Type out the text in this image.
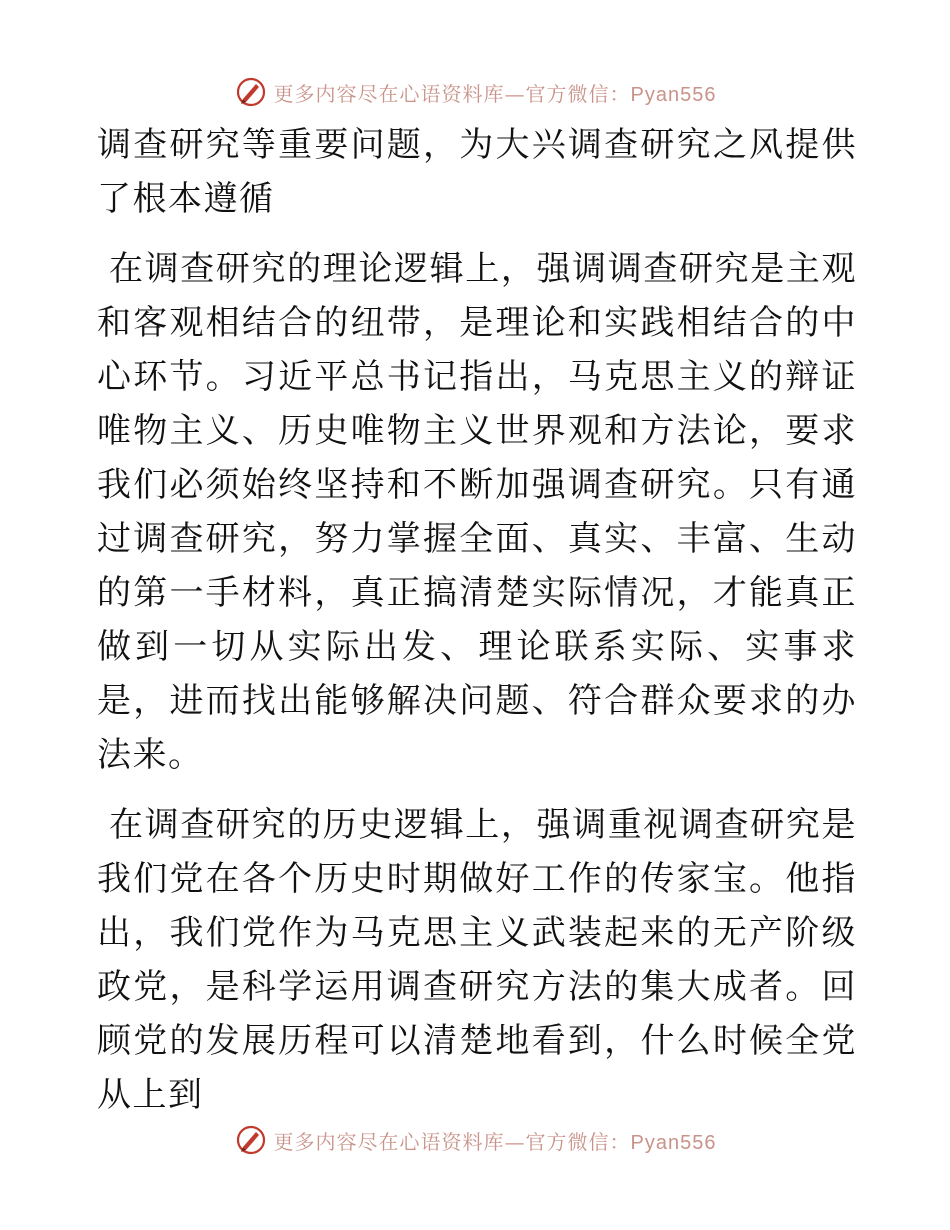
更多内容尽在心语资料库—官方微信：Pyan556

调查研究等重要问题，为大兴调查研究之风提供了根本遵循

在调查研究的理论逻辑上，强调调查研究是主观和客观相结合的纽带，是理论和实践相结合的中心环节。习近平总书记指出，马克思主义的辩证唯物主义、历史唯物主义世界观和方法论，要求我们必须始终坚持和不断加强调查研究。只有通过调查研究，努力掌握全面、真实、丰富、生动的第一手材料，真正搞清楚实际情况，才能真正做到一切从实际出发、理论联系实际、实事求是，进而找出能够解决问题、符合群众要求的办法来。

在调查研究的历史逻辑上，强调重视调查研究是我们党在各个历史时期做好工作的传家宝。他指出，我们党作为马克思主义武装起来的无产阶级政党，是科学运用调查研究方法的集大成者。回顾党的发展历程可以清楚地看到，什么时候全党从上到

更多内容尽在心语资料库—官方微信：Pyan556
